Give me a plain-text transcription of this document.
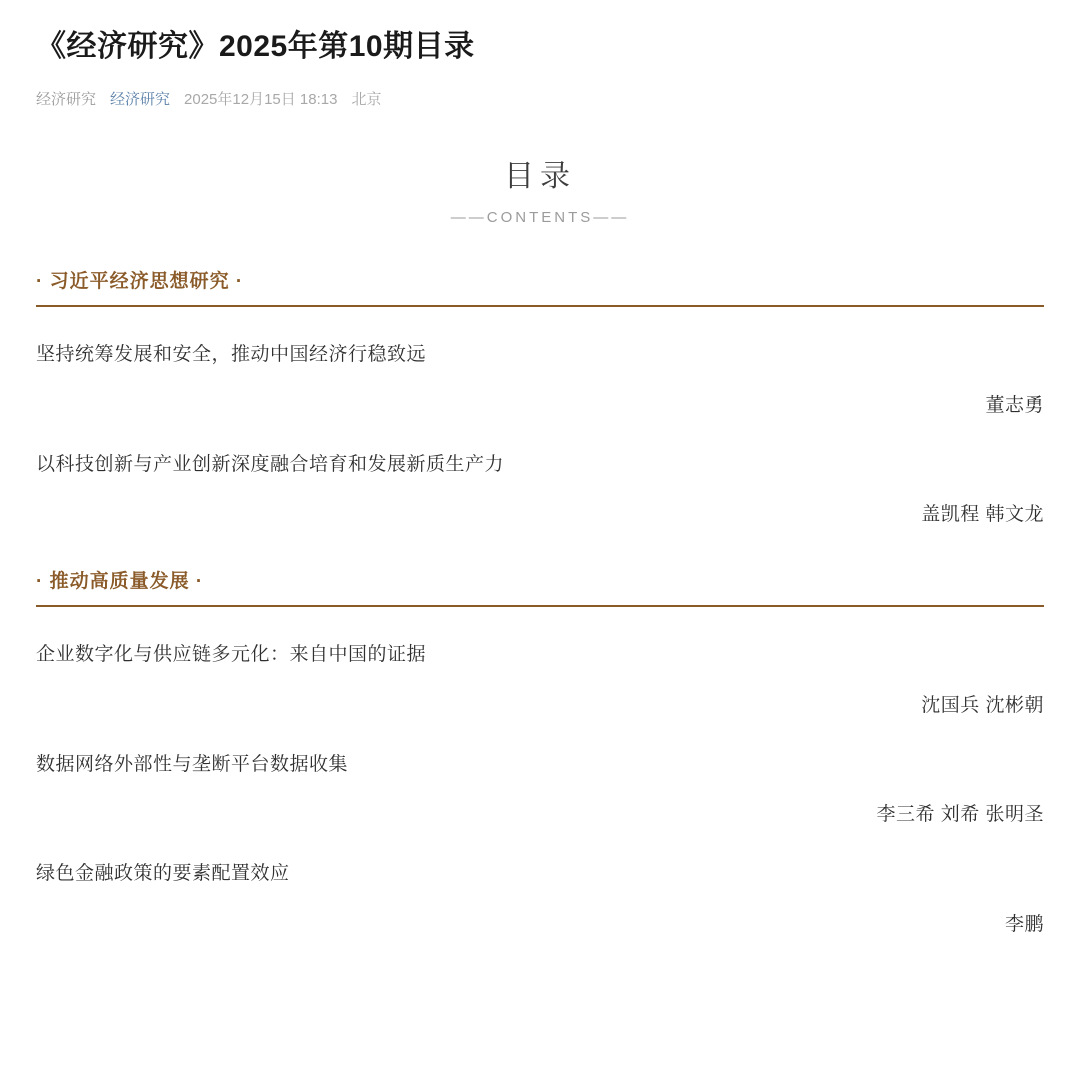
《经济研究》2025年第10期目录
经济研究 经济研究 2025年12月15日 18:13 北京
目录
——CONTENTS——
· 习近平经济思想研究 ·
坚持统筹发展和安全，推动中国经济行稳致远
董志勇
以科技创新与产业创新深度融合培育和发展新质生产力
盖凯程 韩文龙
· 推动高质量发展 ·
企业数字化与供应链多元化：来自中国的证据
沈国兵 沈彬朝
数据网络外部性与垄断平台数据收集
李三希 刘希 张明圣
绿色金融政策的要素配置效应
李鹏
